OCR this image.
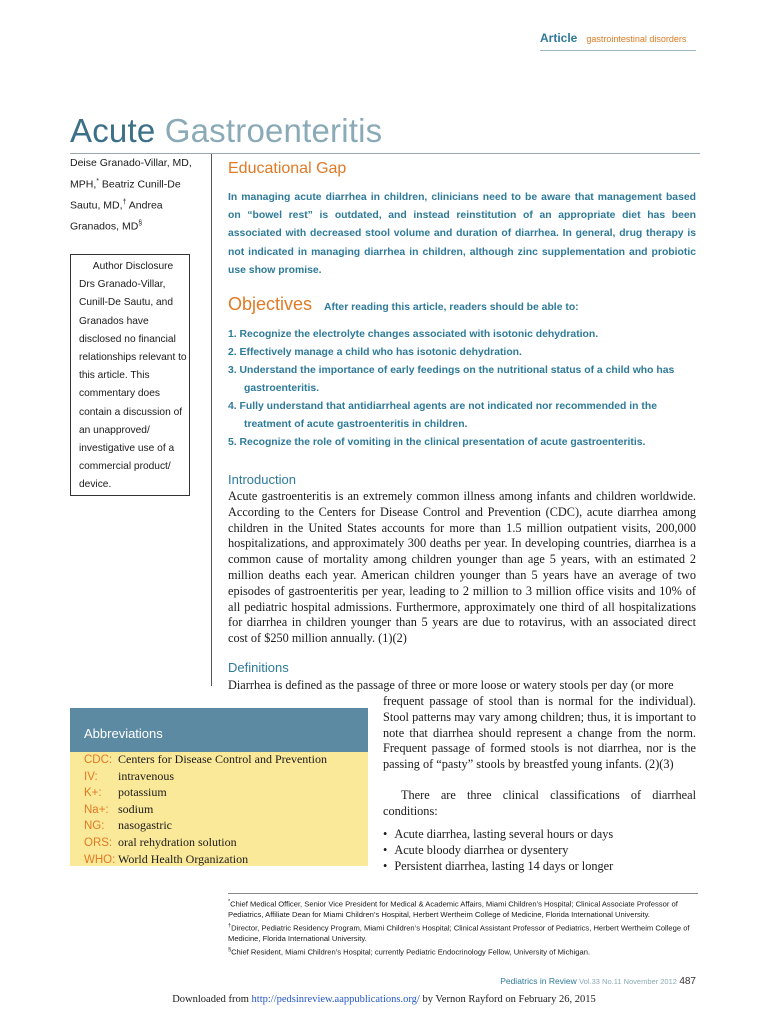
Article gastrointestinal disorders
Acute Gastroenteritis
Deise Granado-Villar, MD,
MPH,* Beatriz Cunill-De
Sautu, MD,† Andrea
Granados, MD§
Author Disclosure
Drs Granado-Villar, Cunill-De Sautu, and Granados have disclosed no financial relationships relevant to this article. This commentary does contain a discussion of an unapproved/ investigative use of a commercial product/ device.
Educational Gap
In managing acute diarrhea in children, clinicians need to be aware that management based on “bowel rest” is outdated, and instead reinstitution of an appropriate diet has been associated with decreased stool volume and duration of diarrhea. In general, drug therapy is not indicated in managing diarrhea in children, although zinc supplementation and probiotic use show promise.
Objectives After reading this article, readers should be able to:
1. Recognize the electrolyte changes associated with isotonic dehydration.
2. Effectively manage a child who has isotonic dehydration.
3. Understand the importance of early feedings on the nutritional status of a child who has gastroenteritis.
4. Fully understand that antidiarrheal agents are not indicated nor recommended in the treatment of acute gastroenteritis in children.
5. Recognize the role of vomiting in the clinical presentation of acute gastroenteritis.
Introduction
Acute gastroenteritis is an extremely common illness among infants and children worldwide. According to the Centers for Disease Control and Prevention (CDC), acute diarrhea among children in the United States accounts for more than 1.5 million outpatient visits, 200,000 hospitalizations, and approximately 300 deaths per year. In developing countries, diarrhea is a common cause of mortality among children younger than age 5 years, with an estimated 2 million deaths each year. American children younger than 5 years have an average of two episodes of gastroenteritis per year, leading to 2 million to 3 million office visits and 10% of all pediatric hospital admissions. Furthermore, approximately one third of all hospitalizations for diarrhea in children younger than 5 years are due to rotavirus, with an associated direct cost of $250 million annually. (1)(2)
Definitions
Diarrhea is defined as the passage of three or more loose or watery stools per day (or more
frequent passage of stool than is normal for the individual). Stool patterns may vary among children; thus, it is important to note that diarrhea should represent a change from the norm. Frequent passage of formed stools is not diarrhea, nor is the passing of “pasty” stools by breastfed young infants. (2)(3)
There are three clinical classifications of diarrheal conditions:
• Acute diarrhea, lasting several hours or days
• Acute bloody diarrhea or dysentery
• Persistent diarrhea, lasting 14 days or longer
Abbreviations
CDC: Centers for Disease Control and Prevention
IV: intravenous
K+: potassium
Na+: sodium
NG: nasogastric
ORS: oral rehydration solution
WHO: World Health Organization
*Chief Medical Officer, Senior Vice President for Medical & Academic Affairs, Miami Children’s Hospital; Clinical Associate Professor of Pediatrics, Affiliate Dean for Miami Children’s Hospital, Herbert Wertheim College of Medicine, Florida International University.
†Director, Pediatric Residency Program, Miami Children’s Hospital; Clinical Assistant Professor of Pediatrics, Herbert Wertheim College of Medicine, Florida International University.
§Chief Resident, Miami Children’s Hospital; currently Pediatric Endocrinology Fellow, University of Michigan.
Pediatrics in Review Vol.33 No.11 November 2012 487
Downloaded from http://pedsinreview.aappublications.org/ by Vernon Rayford on February 26, 2015
